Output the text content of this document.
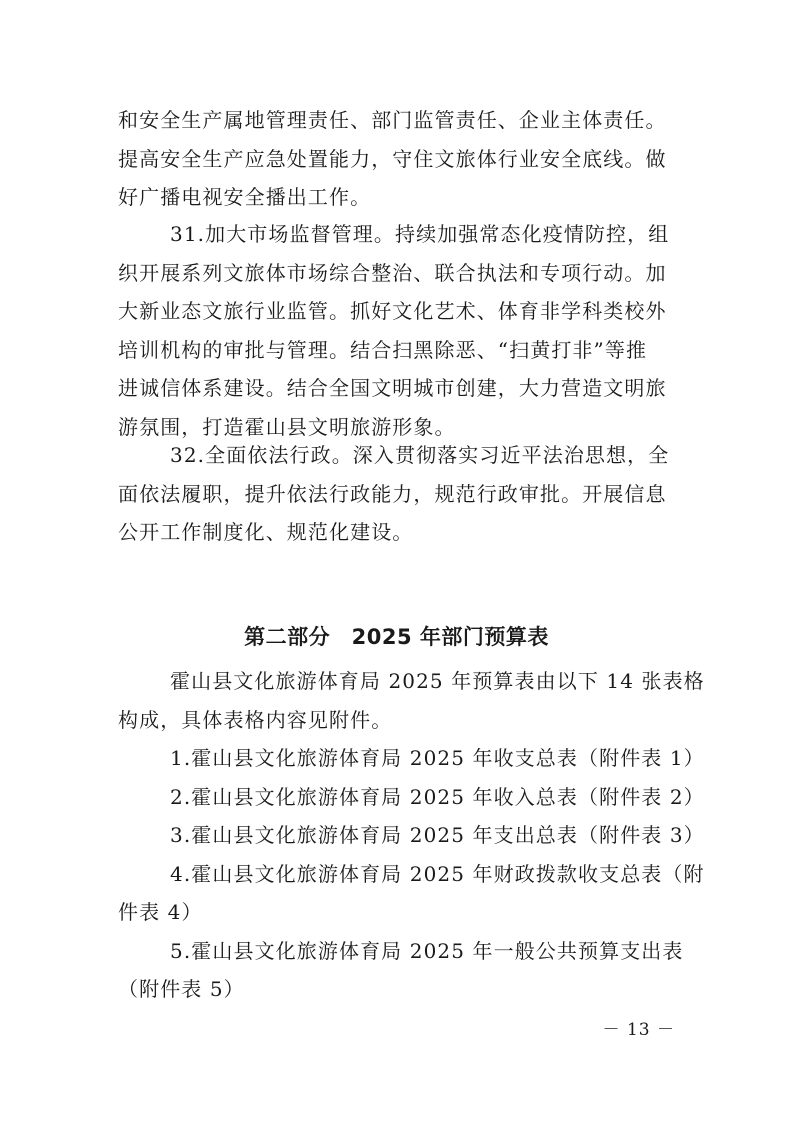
和安全生产属地管理责任、部门监管责任、企业主体责任。
提高安全生产应急处置能力，守住文旅体行业安全底线。做
好广播电视安全播出工作。
31.加大市场监督管理。持续加强常态化疫情防控，组
织开展系列文旅体市场综合整治、联合执法和专项行动。加
大新业态文旅行业监管。抓好文化艺术、体育非学科类校外
培训机构的审批与管理。结合扫黑除恶、“扫黄打非”等推
进诚信体系建设。结合全国文明城市创建，大力营造文明旅
游氛围，打造霍山县文明旅游形象。
32.全面依法行政。深入贯彻落实习近平法治思想，全
面依法履职，提升依法行政能力，规范行政审批。开展信息
公开工作制度化、规范化建设。
第二部分　2025 年部门预算表
霍山县文化旅游体育局 2025 年预算表由以下 14 张表格
构成，具体表格内容见附件。
1.霍山县文化旅游体育局 2025 年收支总表（附件表 1）
2.霍山县文化旅游体育局 2025 年收入总表（附件表 2）
3.霍山县文化旅游体育局 2025 年支出总表（附件表 3）
4.霍山县文化旅游体育局 2025 年财政拨款收支总表（附
件表 4）
5.霍山县文化旅游体育局 2025 年一般公共预算支出表
（附件表 5）
－ 13 －
